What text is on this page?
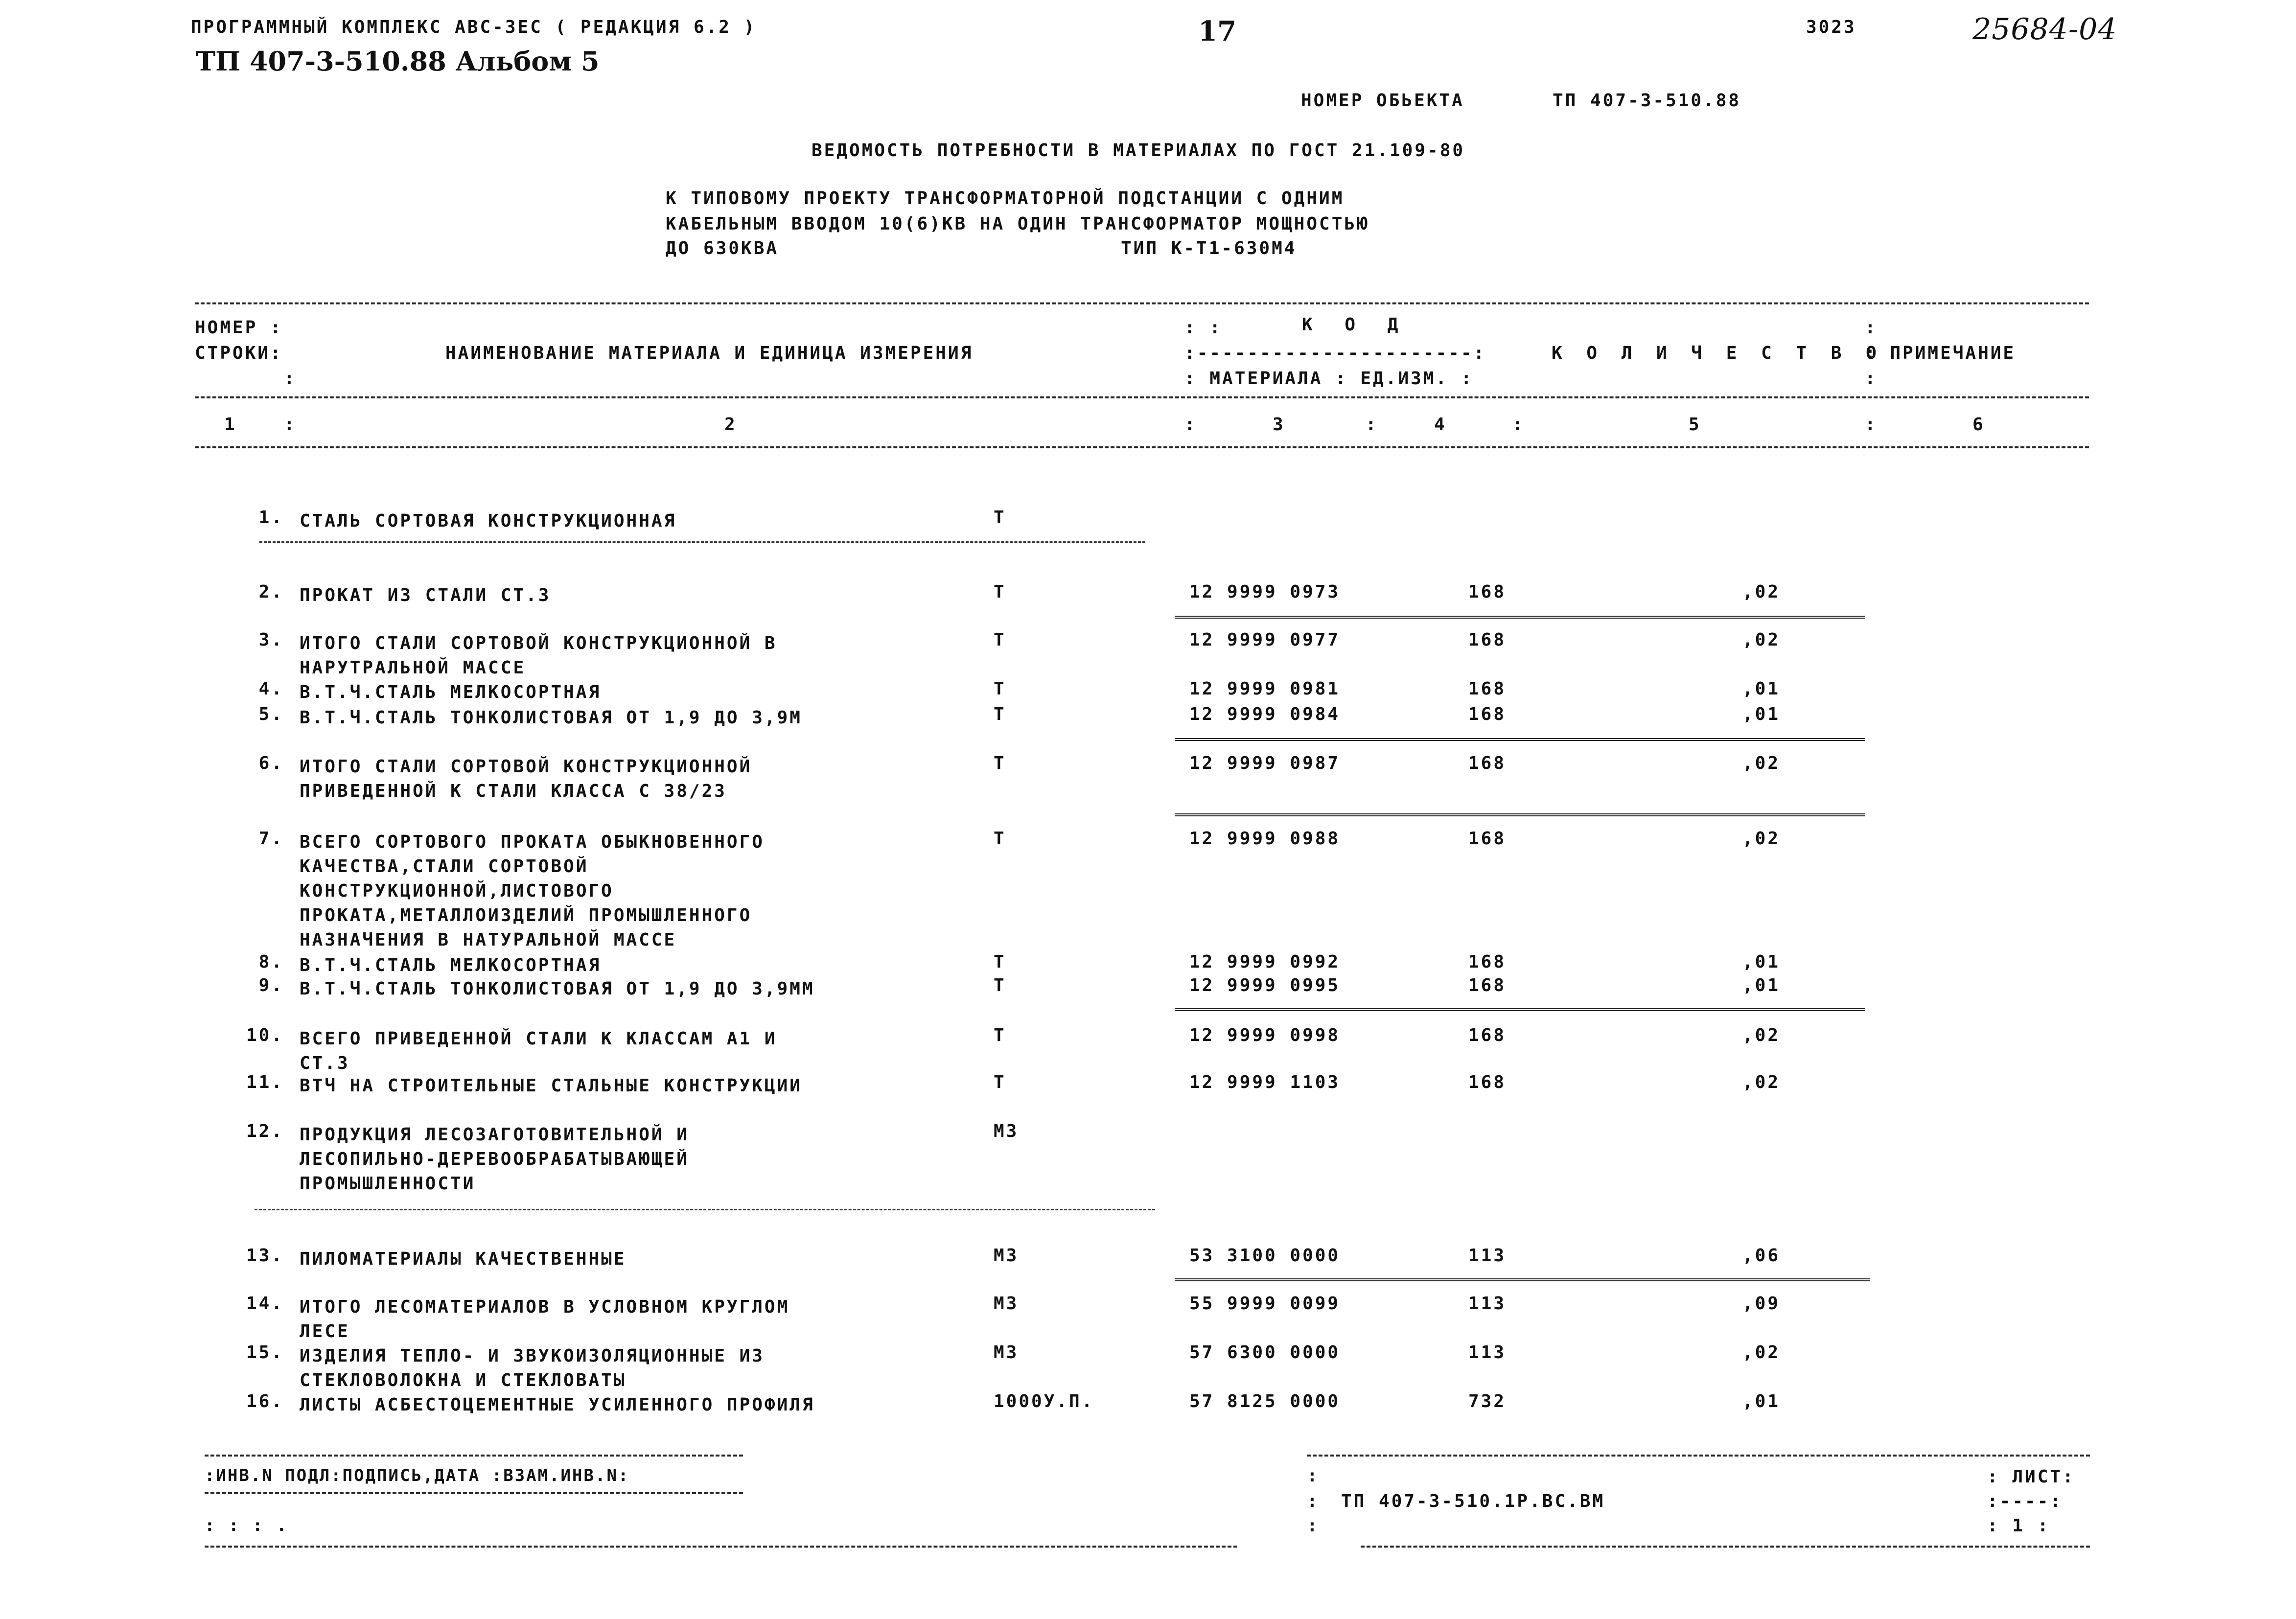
ПРОГРАММНЫЙ КОМПЛЕКС АВС-ЗЕС ( РЕДАКЦИЯ 6.2 )
ТП 407-3-510.88 Альбом 5
17	3023	25684-04
НОМЕР ОБЬЕКТА	ТП 407-3-510.88
ВЕДОМОСТЬ ПОТРЕБНОСТИ В МАТЕРИАЛАХ ПО ГОСТ 21.109-80
К ТИПОВОМУ ПРОЕКТУ ТРАНСФОРМАТОРНОЙ ПОДСТАНЦИИ С ОДНИМ
КАБЕЛЬНЫМ ВВОДОМ 10(6)КВ НА ОДИН ТРАНСФОРМАТОР МОЩНОСТЬЮ
ДО 630КВА	ТИП К-Т1-630М4
НОМЕР :
СТРОКИ:
:
НАИМЕНОВАНИЕ МАТЕРИАЛА И ЕДИНИЦА ИЗМЕРЕНИЯ
: :	К О Д
:----------------------:
: МАТЕРИАЛА : ЕД.ИЗМ. :
К О Л И Ч Е С Т В О
:
: ПРИМЕЧАНИЕ
:
1	:	2	:	3	:	4	:	5	:	6
1. СТАЛЬ СОРТОВАЯ КОНСТРУКЦИОННАЯ	Т
2. ПРОКАТ ИЗ СТАЛИ СТ.3	Т	12 9999 0973	168	,02
3. ИТОГО СТАЛИ СОРТОВОЙ КОНСТРУКЦИОННОЙ В
НАРУТРАЛЬНОЙ МАССЕ
Т	12 9999 0977	168	,02
4. В.Т.Ч.СТАЛЬ МЕЛКОСОРТНАЯ	Т	12 9999 0981	168	,01
5. В.Т.Ч.СТАЛЬ ТОНКОЛИСТОВАЯ ОТ 1,9 ДО 3,9М	Т	12 9999 0984	168	,01
6. ИТОГО СТАЛИ СОРТОВОЙ КОНСТРУКЦИОННОЙ
ПРИВЕДЕННОЙ К СТАЛИ КЛАССА С 38/23
Т	12 9999 0987	168	,02
7. ВСЕГО СОРТОВОГО ПРОКАТА ОБЫКНОВЕННОГО
КАЧЕСТВА,СТАЛИ СОРТОВОЙ
КОНСТРУКЦИОННОЙ,ЛИСТОВОГО
ПРОКАТА,МЕТАЛЛОИЗДЕЛИЙ ПРОМЫШЛЕННОГО
НАЗНАЧЕНИЯ В НАТУРАЛЬНОЙ МАССЕ
Т	12 9999 0988	168	,02
8. В.Т.Ч.СТАЛЬ МЕЛКОСОРТНАЯ	Т	12 9999 0992	168	,01
9. В.Т.Ч.СТАЛЬ ТОНКОЛИСТОВАЯ ОТ 1,9 ДО 3,9ММ	Т	12 9999 0995	168	,01
10. ВСЕГО ПРИВЕДЕННОЙ СТАЛИ К КЛАССАМ А1 И
СТ.3
Т	12 9999 0998	168	,02
11. ВТЧ НА СТРОИТЕЛЬНЫЕ СТАЛЬНЫЕ КОНСТРУКЦИИ	Т	12 9999 1103	168	,02
12. ПРОДУКЦИЯ ЛЕСОЗАГОТОВИТЕЛЬНОЙ И
ЛЕСОПИЛЬНО-ДЕРЕВООБРАБАТЫВАЮЩЕЙ
ПРОМЫШЛЕННОСТИ
М3
13. ПИЛОМАТЕРИАЛЫ КАЧЕСТВЕННЫЕ	М3	53 3100 0000	113	,06
14. ИТОГО ЛЕСОМАТЕРИАЛОВ В УСЛОВНОМ КРУГЛОМ
ЛЕСЕ
М3	55 9999 0099	113	,09
15. ИЗДЕЛИЯ ТЕПЛО- И ЗВУКОИЗОЛЯЦИОННЫЕ ИЗ
СТЕКЛОВОЛОКНА И СТЕКЛОВАТЫ
М3	57 6300 0000	113	,02
16. ЛИСТЫ АСБЕСТОЦЕМЕНТНЫЕ УСИЛЕННОГО ПРОФИЛЯ	1000У.П.	57 8125 0000	732	,01
:ИНВ.N ПОДЛ:ПОДПИСЬ,ДАТА :ВЗАМ.ИНВ.N:
: : : .
:
:
:
ТП 407-3-510.1Р.ВС.ВМ
: ЛИСТ:
:----:
: 1 :
